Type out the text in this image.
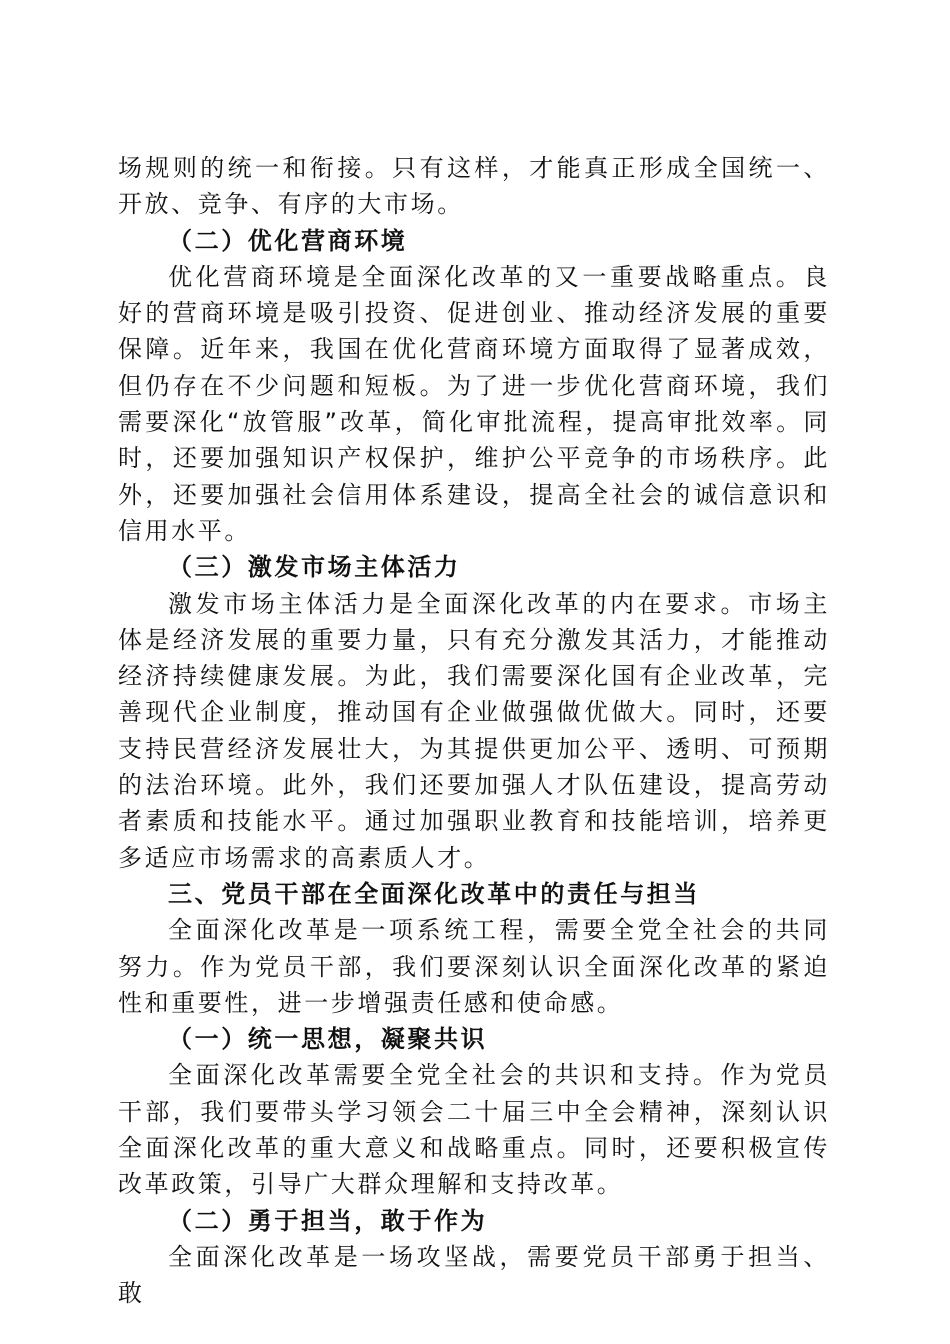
场规则的统一和衔接。只有这样，才能真正形成全国统一、开放、竞争、有序的大市场。

（二）优化营商环境

优化营商环境是全面深化改革的又一重要战略重点。良好的营商环境是吸引投资、促进创业、推动经济发展的重要保障。近年来，我国在优化营商环境方面取得了显著成效，但仍存在不少问题和短板。为了进一步优化营商环境，我们需要深化“放管服”改革，简化审批流程，提高审批效率。同时，还要加强知识产权保护，维护公平竞争的市场秩序。此外，还要加强社会信用体系建设，提高全社会的诚信意识和信用水平。

（三）激发市场主体活力

激发市场主体活力是全面深化改革的内在要求。市场主体是经济发展的重要力量，只有充分激发其活力，才能推动经济持续健康发展。为此，我们需要深化国有企业改革，完善现代企业制度，推动国有企业做强做优做大。同时，还要支持民营经济发展壮大，为其提供更加公平、透明、可预期的法治环境。此外，我们还要加强人才队伍建设，提高劳动者素质和技能水平。通过加强职业教育和技能培训，培养更多适应市场需求的高素质人才。

三、党员干部在全面深化改革中的责任与担当

全面深化改革是一项系统工程，需要全党全社会的共同努力。作为党员干部，我们要深刻认识全面深化改革的紧迫性和重要性，进一步增强责任感和使命感。

（一）统一思想，凝聚共识

全面深化改革需要全党全社会的共识和支持。作为党员干部，我们要带头学习领会二十届三中全会精神，深刻认识全面深化改革的重大意义和战略重点。同时，还要积极宣传改革政策，引导广大群众理解和支持改革。

（二）勇于担当，敢于作为

全面深化改革是一场攻坚战，需要党员干部勇于担当、敢
